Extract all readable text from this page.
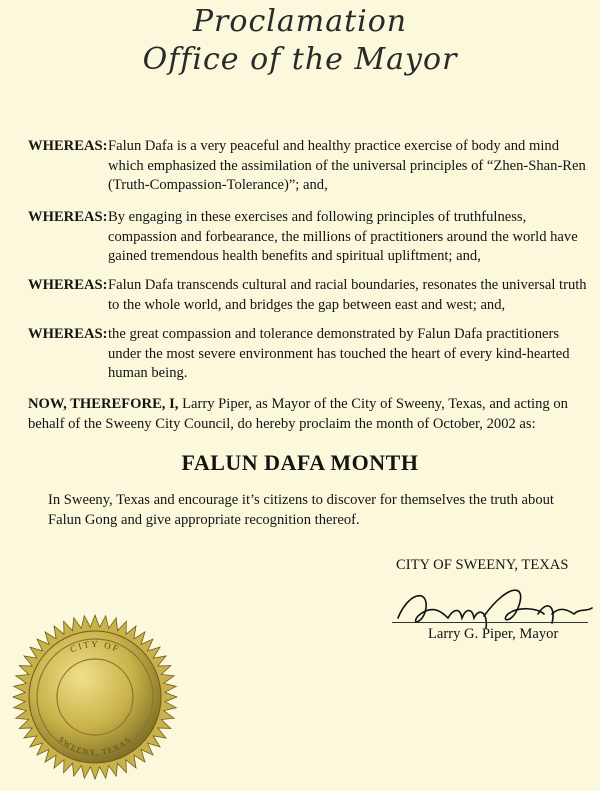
Proclamation
Office of the Mayor
WHEREAS: Falun Dafa is a very peaceful and healthy practice exercise of body and mind which emphasized the assimilation of the universal principles of “Zhen-Shan-Ren (Truth-Compassion-Tolerance)”; and,
WHEREAS: By engaging in these exercises and following principles of truthfulness, compassion and forbearance, the millions of practitioners around the world have gained tremendous health benefits and spiritual upliftment; and,
WHEREAS: Falun Dafa transcends cultural and racial boundaries, resonates the universal truth to the whole world, and bridges the gap between east and west; and,
WHEREAS: the great compassion and tolerance demonstrated by Falun Dafa practitioners under the most severe environment has touched the heart of every kind-hearted human being.
NOW, THEREFORE, I, Larry Piper, as Mayor of the City of Sweeny, Texas, and acting on behalf of the Sweeny City Council, do hereby proclaim the month of October, 2002 as:
FALUN DAFA MONTH
In Sweeny, Texas and encourage it’s citizens to discover for themselves the truth about Falun Gong and give appropriate recognition thereof.
CITY OF SWEENY, TEXAS
Larry G. Piper, Mayor
CITY OF
SWEENY, TEXAS
